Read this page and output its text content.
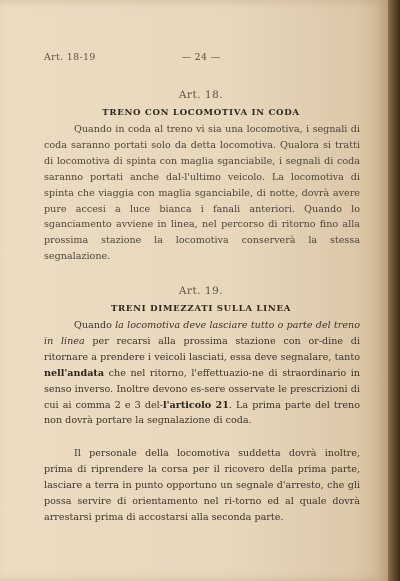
Art. 18-19	— 24 —
Art. 18.
TRENO CON LOCOMOTIVA IN CODA

Quando in coda al treno vi sia una locomotiva, i segnali di coda saranno portati solo da detta locomotiva. Qualora si tratti di locomotiva di spinta con maglia sganciabile, i segnali di coda saranno portati anche dal-l'ultimo veicolo. La locomotiva di spinta che viaggia con maglia sganciabile, di notte, dovrà avere pure accesi a luce bianca i fanali anteriori. Quando lo sganciamento avviene in linea, nel percorso di ritorno fino alla prossima stazione la locomotiva conserverà la stessa segnalazione.

Art. 19.
TRENI DIMEZZATI SULLA LINEA

Quando la locomotiva deve lasciare tutto o parte del treno in linea per recarsi alla prossima stazione con or-dine di ritornare a prendere i veicoli lasciati, essa deve segnalare, tanto nell'andata che nel ritorno, l'effettuazio-ne di straordinario in senso inverso. Inoltre devono es-sere osservate le prescrizioni di cui ai comma 2 e 3 del-l'articolo 21. La prima parte del treno non dovrà portare la segnalazione di coda.

Il personale della locomotiva suddetta dovrà inoltre, prima di riprendere la corsa per il ricovero della prima parte, lasciare a terra in punto opportuno un segnale d'arresto, che gli possa servire di orientamento nel ri-torno ed al quale dovrà arrestarsi prima di accostarsi alla seconda parte.
